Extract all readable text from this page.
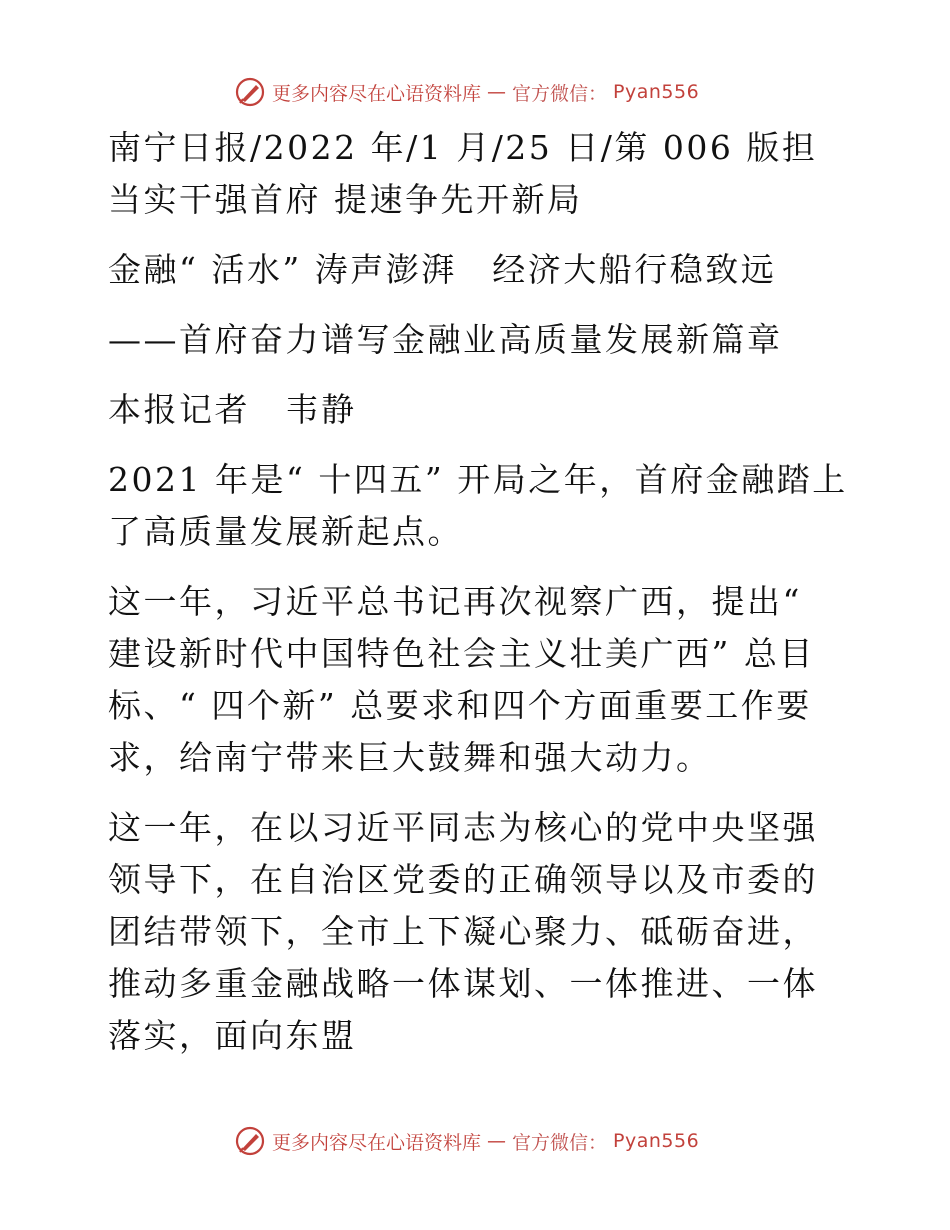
更多内容尽在心语资料库 — 官方微信： Pyan556

南宁日报/2022 年/1 月/25 日/第 006 版担当实干强首府 提速争先开新局

金融“ 活水” 涛声澎湃　经济大船行稳致远

——首府奋力谱写金融业高质量发展新篇章

本报记者　韦静

2021 年是“ 十四五” 开局之年，首府金融踏上了高质量发展新起点。

这一年，习近平总书记再次视察广西，提出“ 建设新时代中国特色社会主义壮美广西” 总目标、“ 四个新” 总要求和四个方面重要工作要求，给南宁带来巨大鼓舞和强大动力。

这一年，在以习近平同志为核心的党中央坚强领导下，在自治区党委的正确领导以及市委的团结带领下，全市上下凝心聚力、砥砺奋进，推动多重金融战略一体谋划、一体推进、一体落实，面向东盟

更多内容尽在心语资料库 — 官方微信： Pyan556
